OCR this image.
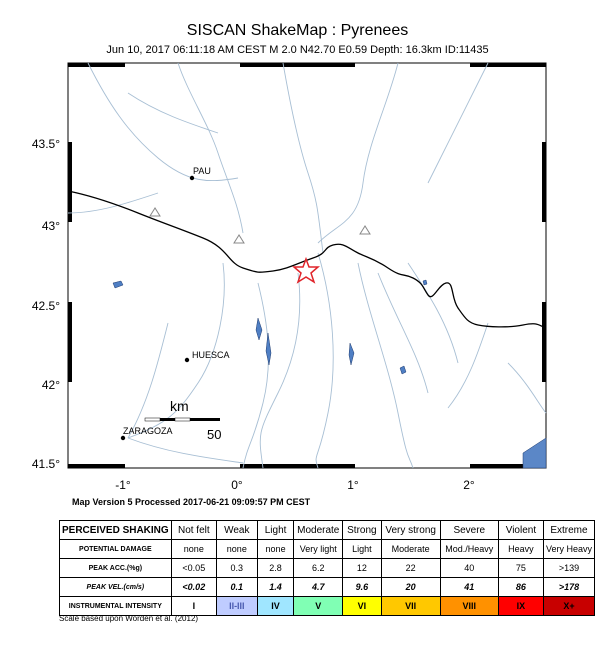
SISCAN ShakeMap : Pyrenees
Jun 10, 2017 06:11:18 AM CEST M 2.0 N42.70 E0.59 Depth: 16.3km ID:11435
43.5°
43°
42.5°
42°
41.5°
-1°	0°	1°	2°
PAU
HUESCA
ZARAGOZA
km
50
Map Version 5 Processed 2017-06-21 09:09:57 PM CEST
PERCEIVED SHAKING	Not felt	Weak	Light	Moderate	Strong	Very strong	Severe	Violent	Extreme
POTENTIAL DAMAGE	none	none	none	Very light	Light	Moderate	Mod./Heavy	Heavy	Very Heavy
PEAK ACC.(%g)	<0.05	0.3	2.8	6.2	12	22	40	75	>139
PEAK VEL.(cm/s)	<0.02	0.1	1.4	4.7	9.6	20	41	86	>178
INSTRUMENTAL INTENSITY	I	II-III	IV	V	VI	VII	VIII	IX	X+
Scale based upon Worden et al. (2012)
